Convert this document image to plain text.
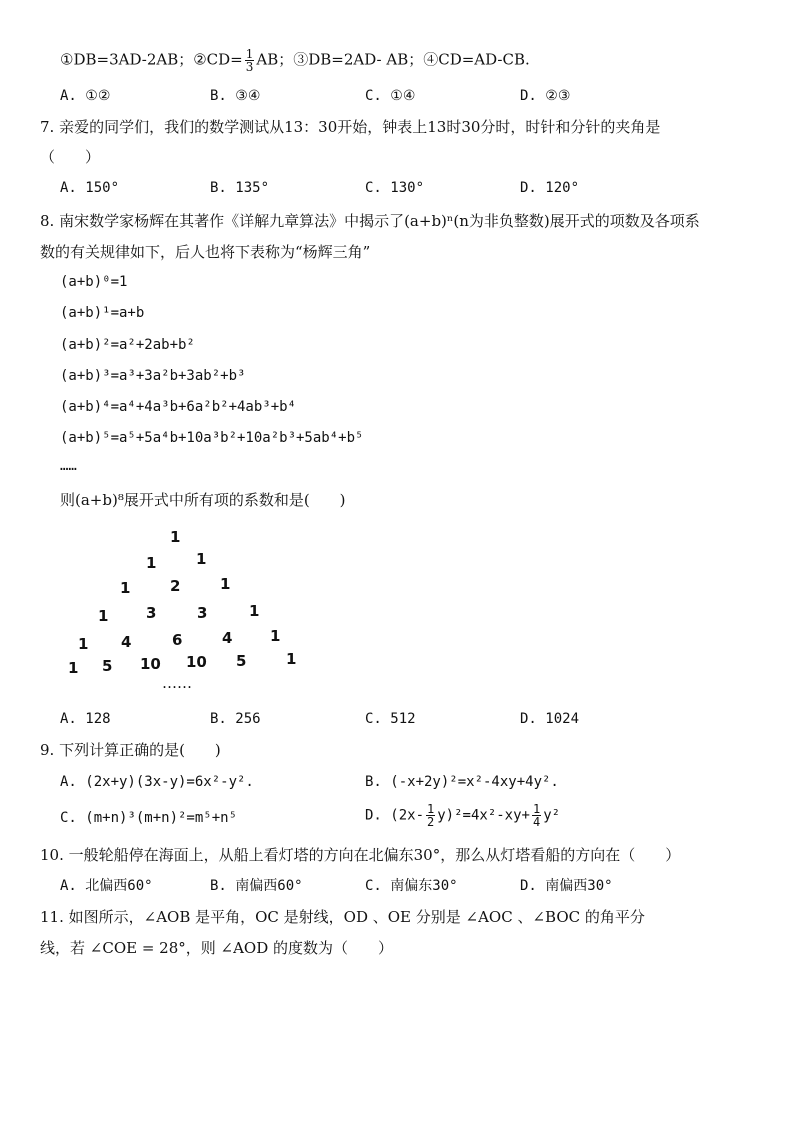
①DB=3AD-2AB；②CD= $\frac{1}{3}$ AB；③DB=2AD- AB；④CD=AD-CB.
A. ①②	B. ③④	C. ①④	D. ②③
7. 亲爱的同学们，我们的数学测试从13：30开始，钟表上13时30分时，时针和分针的夹角是
（　　）
A. 150°	B. 135°	C. 130°	D. 120°
8. 南宋数学家杨辉在其著作《详解九章算法》中揭示了(a+b)ⁿ(n为非负整数)展开式的项数及各项系
数的有关规律如下，后人也将下表称为“杨辉三角”
(a+b)⁰=1
(a+b)¹=a+b
(a+b)²=a²+2ab+b²
(a+b)³=a³+3a²b+3ab²+b³
(a+b)⁴=a⁴+4a³b+6a²b²+4ab³+b⁴
(a+b)⁵=a⁵+5a⁴b+10a³b²+10a²b³+5ab⁴+b⁵
……
则(a+b)⁸展开式中所有项的系数和是(　　)
1
1	1
1	2	1
1	3	3	1
1 4	6	4	1
1 5 10 10 5	1
……
A. 128	B. 256	C. 512	D. 1024
9. 下列计算正确的是(　　)
A. (2x+y)(3x-y)=6x²-y².	B. (-x+2y)²=x²-4xy+4y².
C. (m+n)³(m+n)²=m⁵+n⁵	D. $(2x- \frac{1}{2} y)^2=4x^2-xy+ \frac{1}{4} y^2$
10. 一般轮船停在海面上，从船上看灯塔的方向在北偏东30°，那么从灯塔看船的方向在（　　）
A. 北偏西60°	B. 南偏西60°	C. 南偏东30°	D. 南偏西30°
11. 如图所示，∠AOB 是平角，OC 是射线，OD 、OE 分别是 ∠AOC 、∠BOC 的角平分
线，若 ∠COE = 28°，则 ∠AOD 的度数为（　　）
